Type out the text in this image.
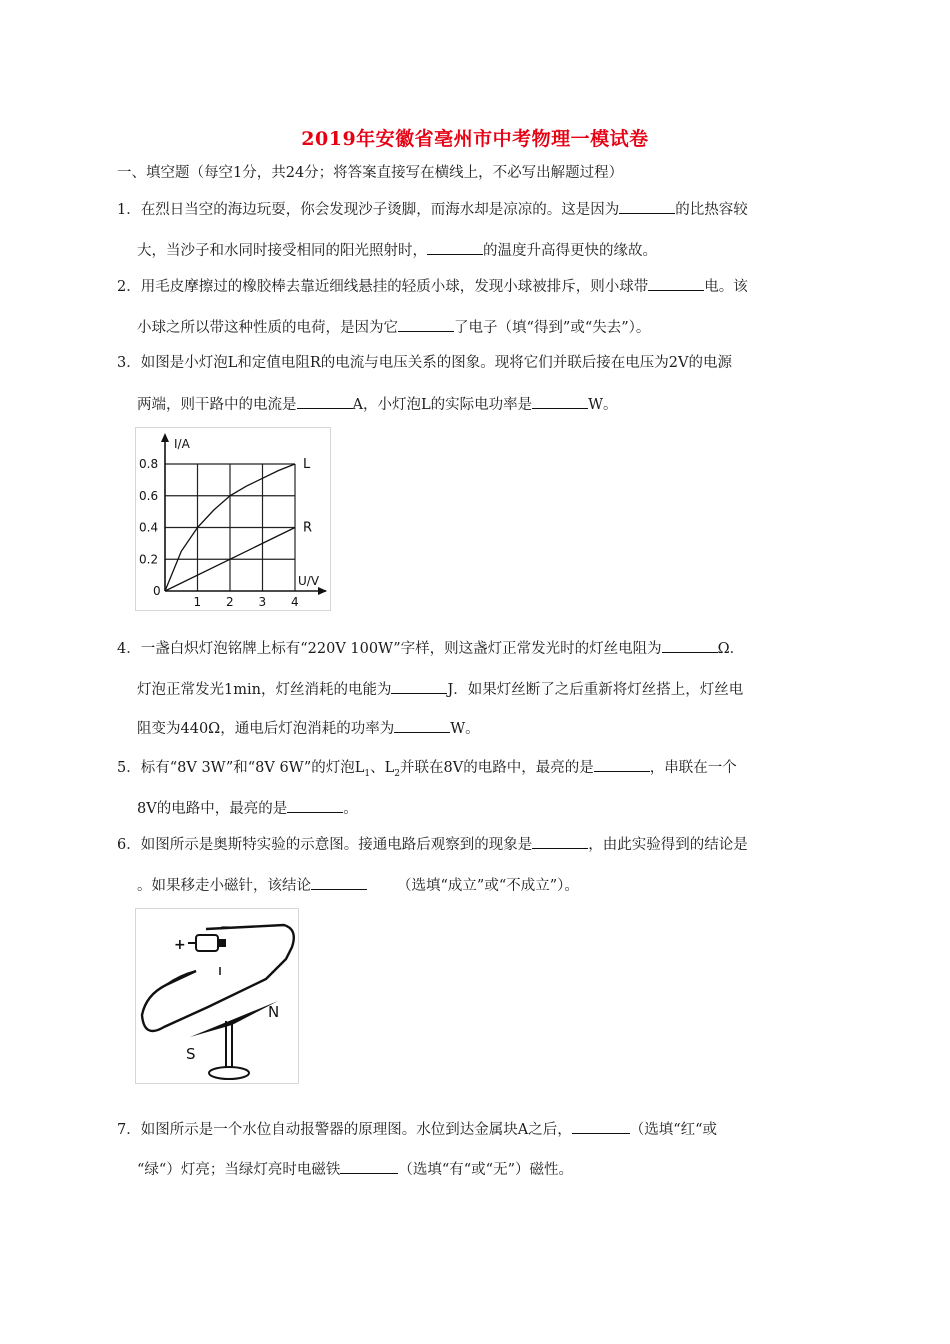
2019年安徽省亳州市中考物理一模试卷
一、填空题（每空1分，共24分；将答案直接写在横线上，不必写出解题过程）
1．在烈日当空的海边玩耍，你会发现沙子烫脚，而海水却是凉凉的。这是因为	的比热容较
大，当沙子和水同时接受相同的阳光照射时，	的温度升高得更快的缘故。
2．用毛皮摩擦过的橡胶棒去靠近细线悬挂的轻质小球，发现小球被排斥，则小球带	电。该
小球之所以带这种性质的电荷，是因为它	了电子（填“得到”或“失去”）。
3．如图是小灯泡L和定值电阻R的电流与电压关系的图象。现将它们并联后接在电压为2V的电源
两端，则干路中的电流是	A，小灯泡L的实际电功率是	W。
L
R
1 2 3 4
0.2
0.4
0.6
0.8
0
I/A
U/V
4．一盏白炽灯泡铭牌上标有“220V 100W”字样，则这盏灯正常发光时的灯丝电阻为	Ω．
灯泡正常发光1min，灯丝消耗的电能为	J．如果灯丝断了之后重新将灯丝搭上，灯丝电
阻变为440Ω，通电后灯泡消耗的功率为	W。
5．标有“8V 3W”和“8V 6W”的灯泡$L_1$、$L_2$并联在8V的电路中，最亮的是	，串联在一个
8V的电路中，最亮的是	。
6．如图所示是奥斯特实验的示意图。接通电路后观察到的现象是	，由此实验得到的结论是
。如果移走小磁针，该结论	（选填“成立”或“不成立”）。
+
−
N
S
7．如图所示是一个水位自动报警器的原理图。水位到达金属块A之后，	（选填“红“或
“绿“）灯亮；当绿灯亮时电磁铁	（选填“有“或“无”）磁性。
